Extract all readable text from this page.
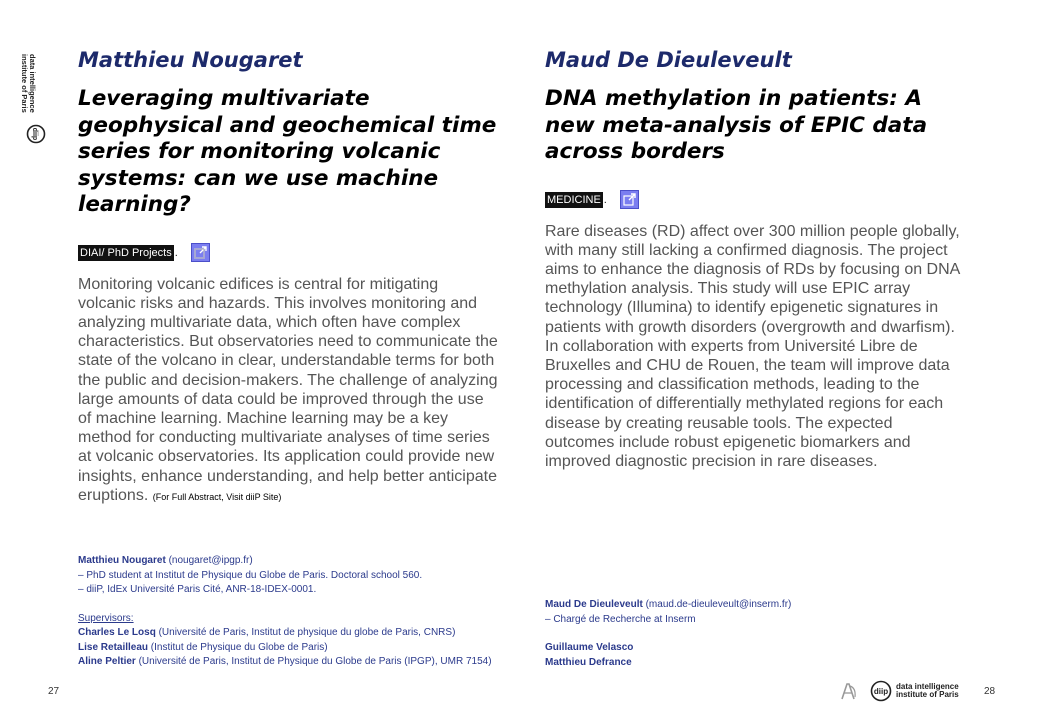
diip
data intelligence
institute of Paris Matthieu Nougaret
Leveraging multivariate geophysical and geochemical time series for monitoring volcanic systems: can we use machine learning?
DIAI/ PhD Projects .
Monitoring volcanic edifices is central for mitigating volcanic risks and hazards. This involves monitoring and analyzing multivariate data, which often have complex characteristics. But observatories need to communicate the state of the volcano in clear, understandable terms for both the public and decision-makers. The challenge of analyzing large amounts of data could be improved through the use of machine learning. Machine learning may be a key method for conducting multivariate analyses of time series at volcanic observatories. Its application could provide new insights, enhance understanding, and help better anticipate eruptions. (For Full Abstract, Visit diiP Site)
Matthieu Nougaret (nougaret@ipgp.fr)
– PhD student at Institut de Physique du Globe de Paris. Doctoral school 560.
– diiP, IdEx Université Paris Cité, ANR-18-IDEX-0001.
Supervisors:
Charles Le Losq (Université de Paris, Institut de physique du globe de Paris, CNRS)
Lise Retailleau (Institut de Physique du Globe de Paris)
Aline Peltier (Université de Paris, Institut de Physique du Globe de Paris (IPGP), UMR 7154)
Maud De Dieuleveult
DNA methylation in patients: A new meta-analysis of EPIC data across borders
MEDICINE .
Rare diseases (RD) affect over 300 million people globally, with many still lacking a confirmed diagnosis. The project aims to enhance the diagnosis of RDs by focusing on DNA methylation analysis. This study will use EPIC array technology (Illumina) to identify epigenetic signatures in patients with growth disorders (overgrowth and dwarfism). In collaboration with experts from Université Libre de Bruxelles and CHU de Rouen, the team will improve data processing and classification methods, leading to the identification of differentially methylated regions for each disease by creating reusable tools. The expected outcomes include robust epigenetic biomarkers and improved diagnostic precision in rare diseases.
Maud De Dieuleveult (maud.de-dieuleveult@inserm.fr)
– Chargé de Recherche at Inserm
Guillaume Velasco
Matthieu Defrance
27	28
diip
data intelligence
institute of Paris
